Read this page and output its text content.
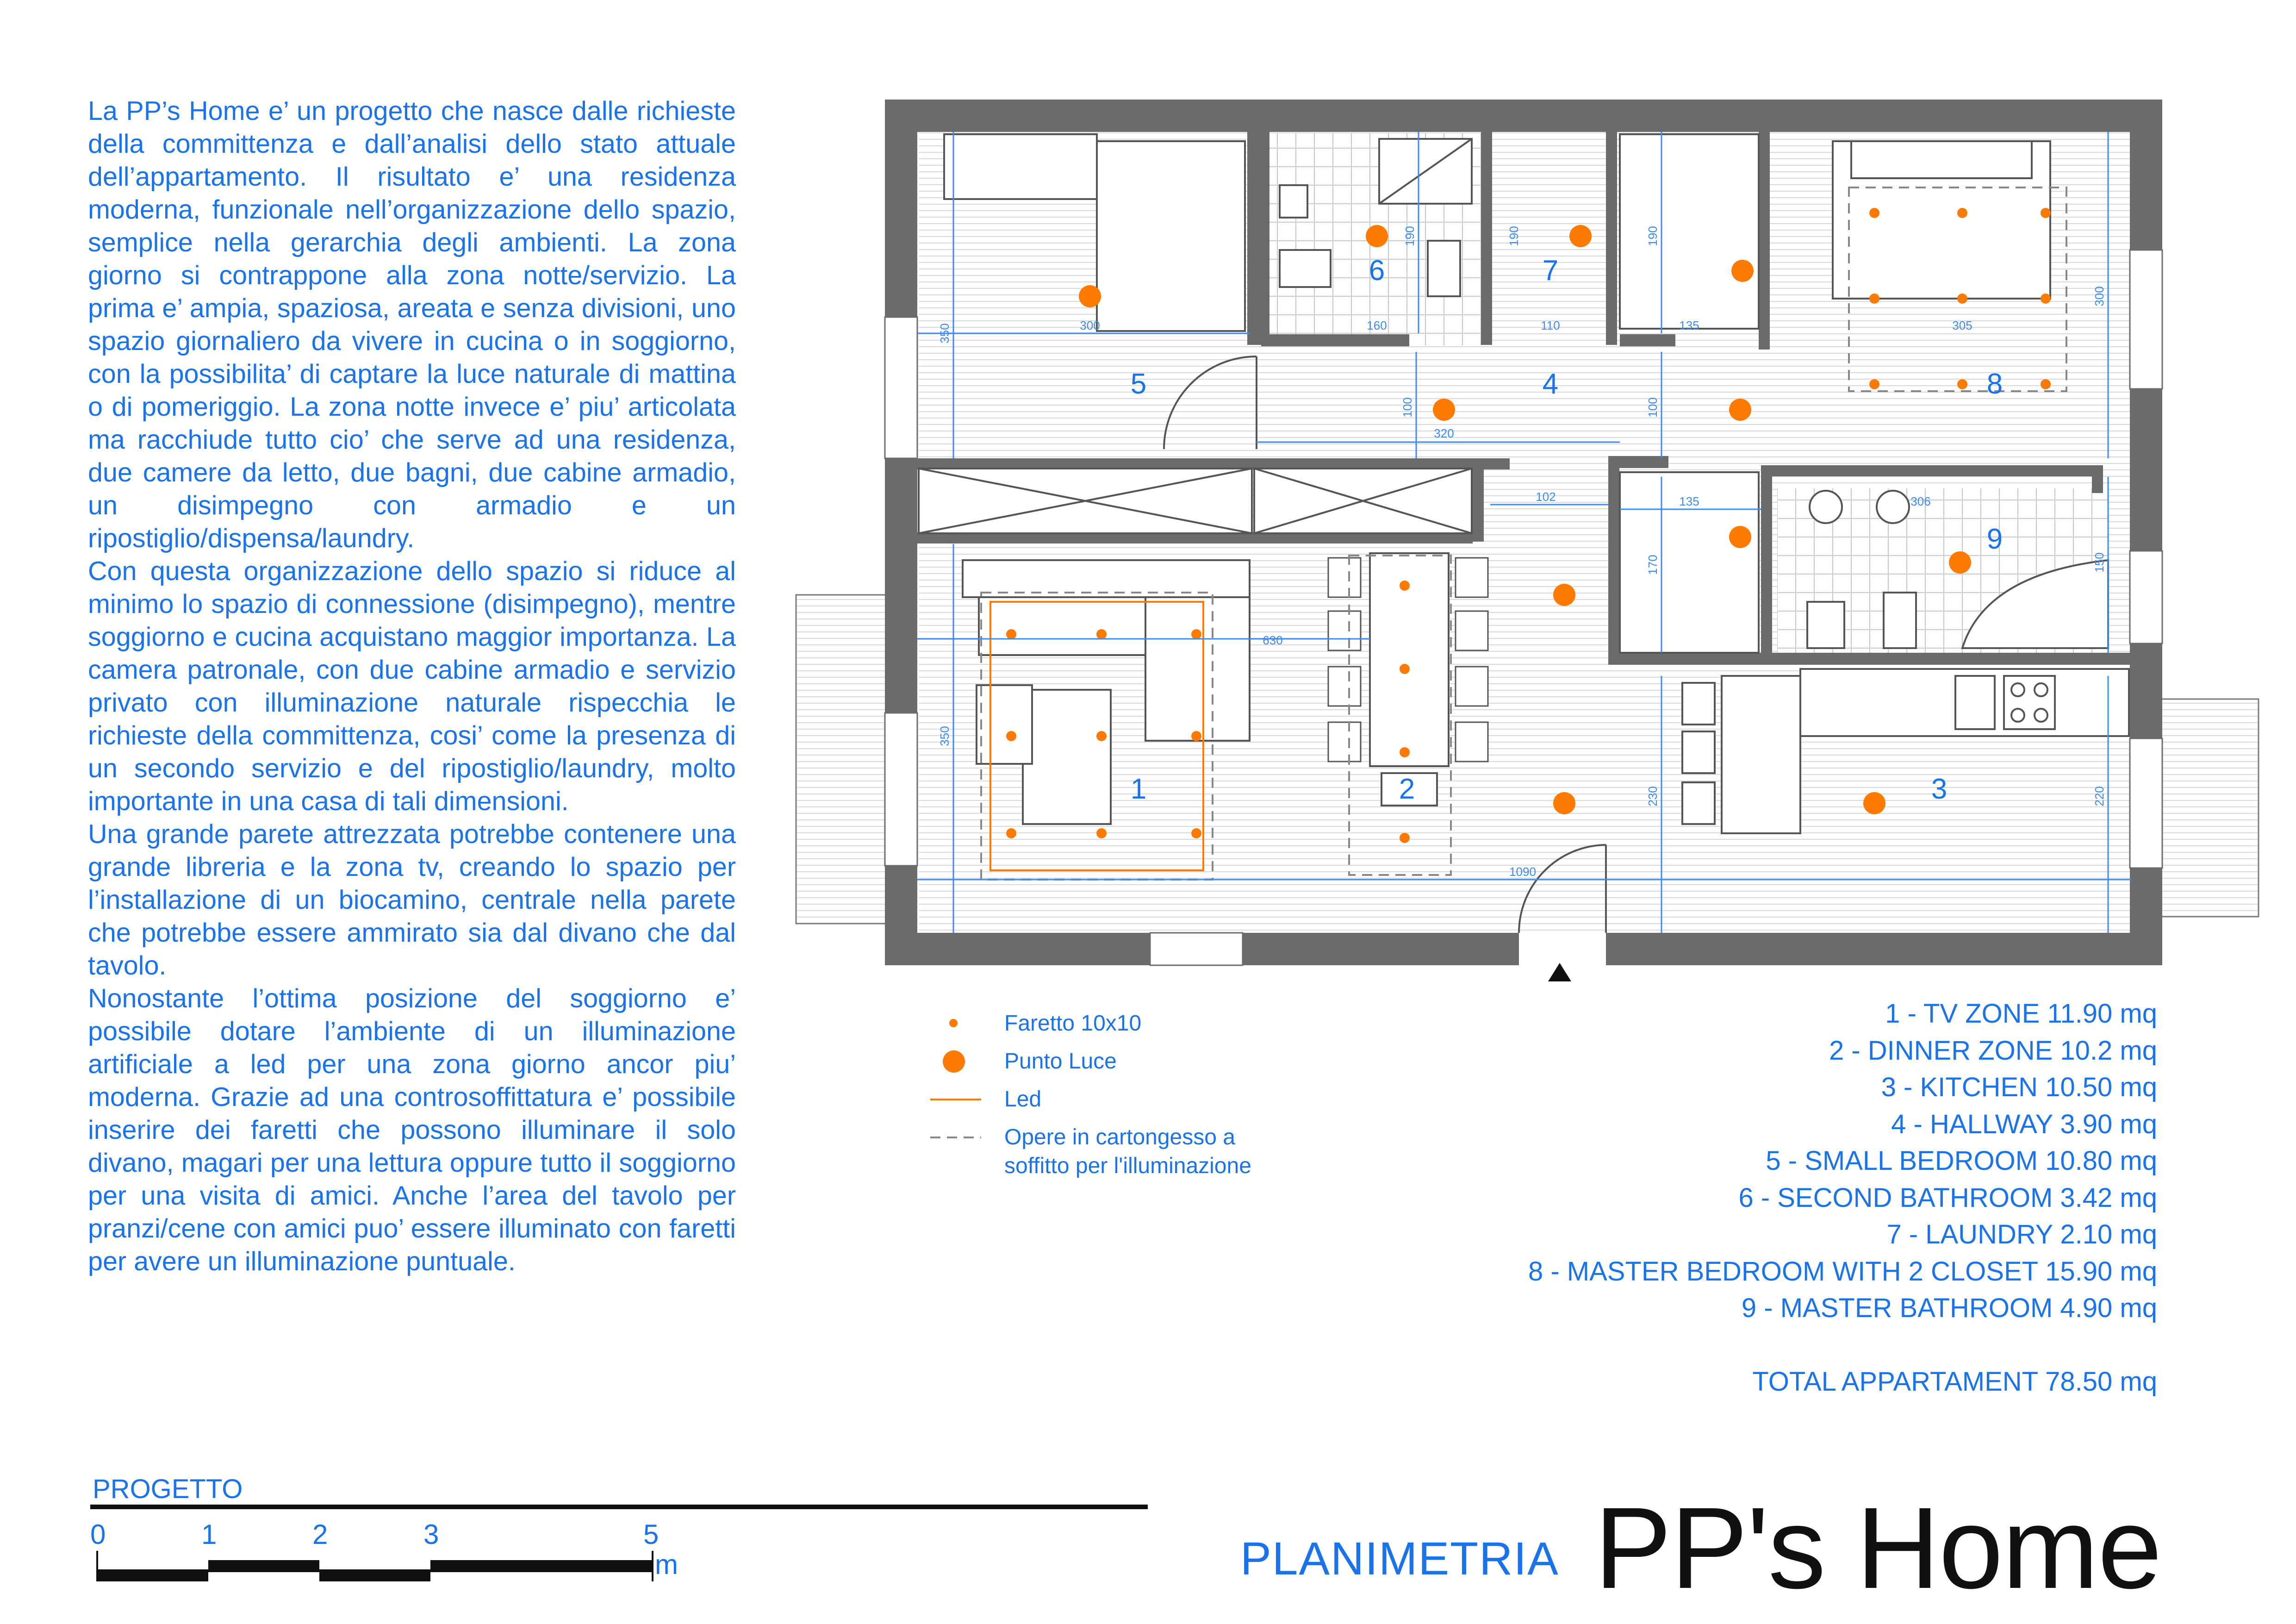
La PP’s Home e’ un progetto che nasce dalle richieste della committenza e dall’analisi dello stato attuale dell’appartamento. Il risultato e’ una residenza moderna, funzionale nell’organizzazione dello spazio, semplice nella gerarchia degli ambienti. La zona giorno si contrappone alla zona notte/servizio. La prima e’ ampia, spaziosa, areata e senza divisioni, uno spazio giornaliero da vivere in cucina o in soggiorno, con la possibilita’ di captare la luce naturale di mattina o di pomeriggio. La zona notte invece e’ piu’ articolata ma racchiude tutto cio’ che serve ad una residenza, due camere da letto, due bagni, due cabine armadio, un disimpegno con armadio e un ripostiglio/dispensa/laundry.

Con questa organizzazione dello spazio si riduce al minimo lo spazio di connessione (disimpegno), mentre soggiorno e cucina acquistano maggior importanza. La camera patronale, con due cabine armadio e servizio privato con illuminazione naturale rispecchia le richieste della committenza, cosi’ come la presenza di un secondo servizio e del ripostiglio/laundry, molto importante in una casa di tali dimensioni.

Una grande parete attrezzata potrebbe contenere una grande libreria e la zona tv, creando lo spazio per l’installazione di un biocamino, centrale nella parete che potrebbe essere ammirato sia dal divano che dal tavolo.

Nonostante l’ottima posizione del soggiorno e’ possibile dotare l’ambiente di un illuminazione artificiale a led per una zona giorno ancor piu’ moderna. Grazie ad una controsoffittatura e’ possibile inserire dei faretti che possono illuminare il solo divano, magari per una lettura oppure tutto il soggiorno per una visita di amici. Anche l’area del tavolo per pranzi/cene con amici puo’ essere illuminato con faretti per avere un illuminazione puntuale.

1	2	3
4
5
6	7
8
9
630
350	300
350
190	190	190
160	110	135	305
300
100	100
320
102	135	306
170	150
230	220
1090
Faretto 10x10
Punto Luce
Led
Opere in cartongesso a
soffitto per l'illuminazione
1 - TV ZONE 11.90 mq
2 - DINNER ZONE 10.2 mq
3 - KITCHEN 10.50 mq
4 - HALLWAY 3.90 mq
5 - SMALL BEDROOM 10.80 mq
6 - SECOND BATHROOM 3.42 mq
7 - LAUNDRY 2.10 mq
8 - MASTER BEDROOM WITH 2 CLOSET 15.90 mq
9 - MASTER BATHROOM 4.90 mq
TOTAL APPARTAMENT 78.50 mq
PROGETTO
0	1	2	3	5
m	PLANIMETRIA PP's Home
